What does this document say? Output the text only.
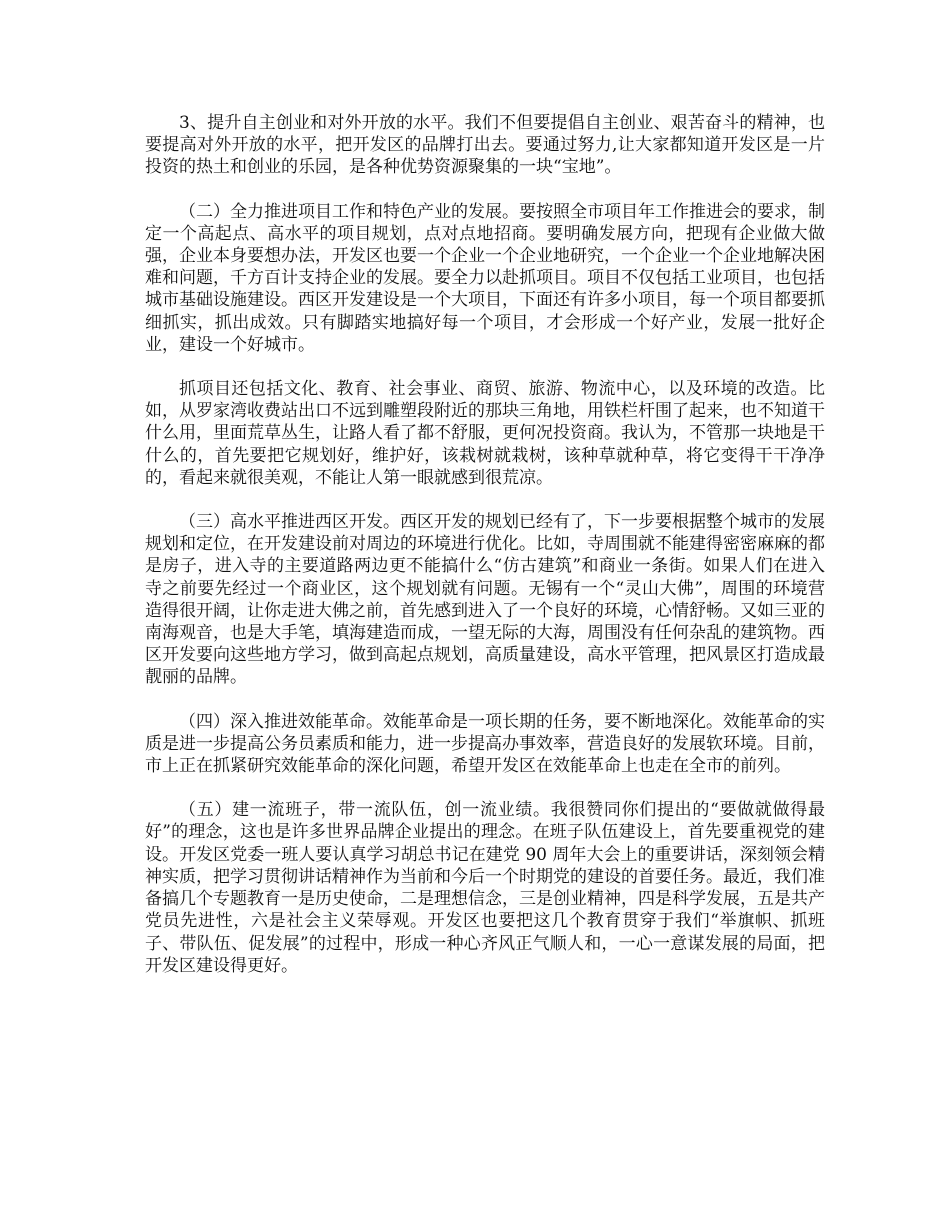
3、提升自主创业和对外开放的水平。我们不但要提倡自主创业、艰苦奋斗的精神，也要提高对外开放的水平，把开发区的品牌打出去。要通过努力,让大家都知道开发区是一片投资的热土和创业的乐园，是各种优势资源聚集的一块“宝地”。

（二）全力推进项目工作和特色产业的发展。要按照全市项目年工作推进会的要求，制定一个高起点、高水平的项目规划，点对点地招商。要明确发展方向，把现有企业做大做强，企业本身要想办法，开发区也要一个企业一个企业地研究，一个企业一个企业地解决困难和问题，千方百计支持企业的发展。要全力以赴抓项目。项目不仅包括工业项目，也包括城市基础设施建设。西区开发建设是一个大项目，下面还有许多小项目，每一个项目都要抓细抓实，抓出成效。只有脚踏实地搞好每一个项目，才会形成一个好产业，发展一批好企业，建设一个好城市。

抓项目还包括文化、教育、社会事业、商贸、旅游、物流中心，以及环境的改造。比如，从罗家湾收费站出口不远到雕塑段附近的那块三角地，用铁栏杆围了起来，也不知道干什么用，里面荒草丛生，让路人看了都不舒服，更何况投资商。我认为，不管那一块地是干什么的，首先要把它规划好，维护好，该栽树就栽树，该种草就种草，将它变得干干净净的，看起来就很美观，不能让人第一眼就感到很荒凉。

（三）高水平推进西区开发。西区开发的规划已经有了，下一步要根据整个城市的发展规划和定位，在开发建设前对周边的环境进行优化。比如，寺周围就不能建得密密麻麻的都是房子，进入寺的主要道路两边更不能搞什么“仿古建筑”和商业一条街。如果人们在进入寺之前要先经过一个商业区，这个规划就有问题。无锡有一个“灵山大佛”，周围的环境营造得很开阔，让你走进大佛之前，首先感到进入了一个良好的环境，心情舒畅。又如三亚的南海观音，也是大手笔，填海建造而成，一望无际的大海，周围没有任何杂乱的建筑物。西区开发要向这些地方学习，做到高起点规划，高质量建设，高水平管理，把风景区打造成最靓丽的品牌。

（四）深入推进效能革命。效能革命是一项长期的任务，要不断地深化。效能革命的实质是进一步提高公务员素质和能力，进一步提高办事效率，营造良好的发展软环境。目前，市上正在抓紧研究效能革命的深化问题，希望开发区在效能革命上也走在全市的前列。

（五）建一流班子，带一流队伍，创一流业绩。我很赞同你们提出的“要做就做得最好”的理念，这也是许多世界品牌企业提出的理念。在班子队伍建设上，首先要重视党的建设。开发区党委一班人要认真学习胡总书记在建党 90 周年大会上的重要讲话，深刻领会精神实质，把学习贯彻讲话精神作为当前和今后一个时期党的建设的首要任务。最近，我们准备搞几个专题教育一是历史使命，二是理想信念，三是创业精神，四是科学发展，五是共产党员先进性，六是社会主义荣辱观。开发区也要把这几个教育贯穿于我们“举旗帜、抓班子、带队伍、促发展”的过程中，形成一种心齐风正气顺人和，一心一意谋发展的局面，把开发区建设得更好。
